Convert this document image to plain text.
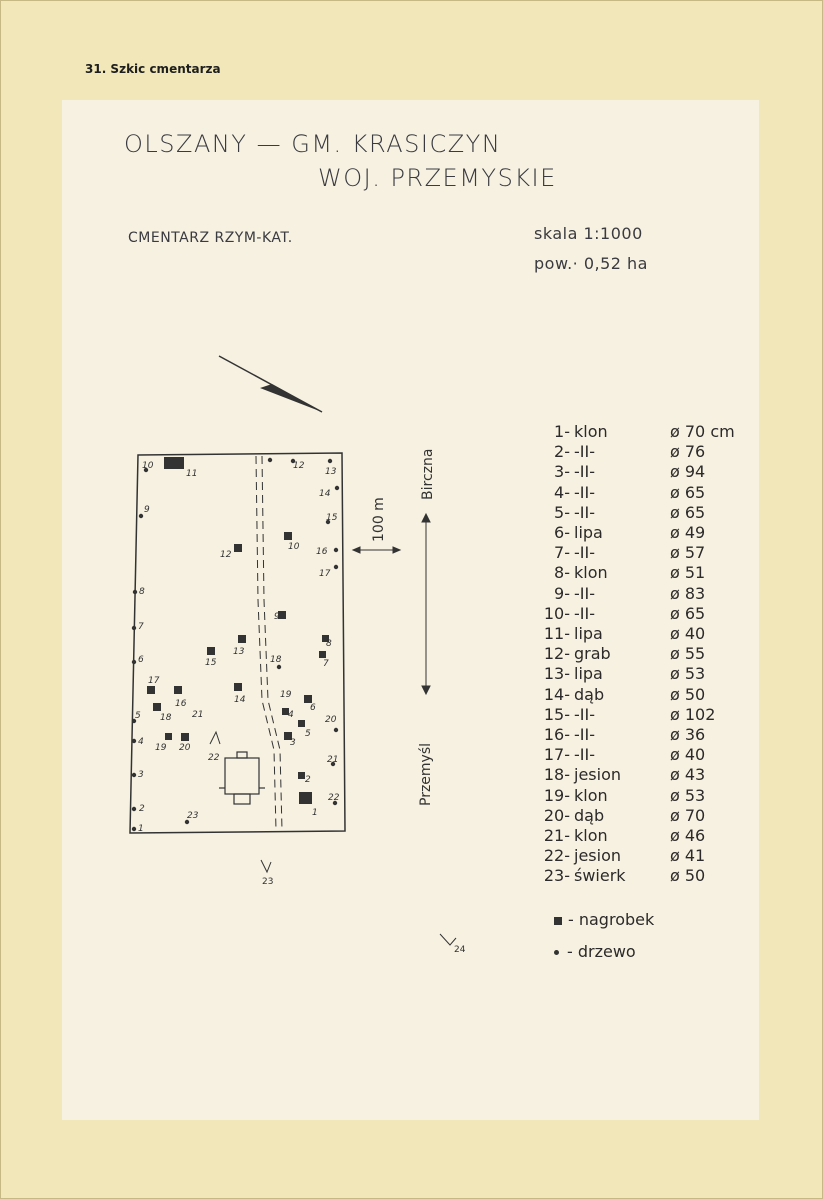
31. Szkic cmentarza
OLSZANY — GM. KRASICZYN
WOJ. PRZEMYSKIE
CMENTARZ RZYM-KAT.	skala 1:1000
pow.· 0,52 ha
1
2
3
4
5
6
7
8
9
10
11
12
13
14
15
16
17
18
19
20
21
22
23
12
10
9
13
15
8
7
14
16
17
18
19 20
4
6
5
3
2
1
21
22
23
24
100 m
Birczna
Przemyśl
1- klon	ø 70 cm
2- -II-	ø 76
3- -II-	ø 94
4- -II-	ø 65
5- -II-	ø 65
6- lipa	ø 49
7- -II-	ø 57
8- klon	ø 51
9- -II-	ø 83
10- -II-	ø 65
11- lipa	ø 40
12- grab	ø 55
13- lipa	ø 53
14- dąb	ø 50
15- -II-	ø 102
16- -II-	ø 36
17- -II-	ø 40
18- jesion	ø 43
19- klon	ø 53
20- dąb	ø 70
21- klon	ø 46
22- jesion	ø 41
23- świerk	ø 50
- nagrobek
- drzewo
